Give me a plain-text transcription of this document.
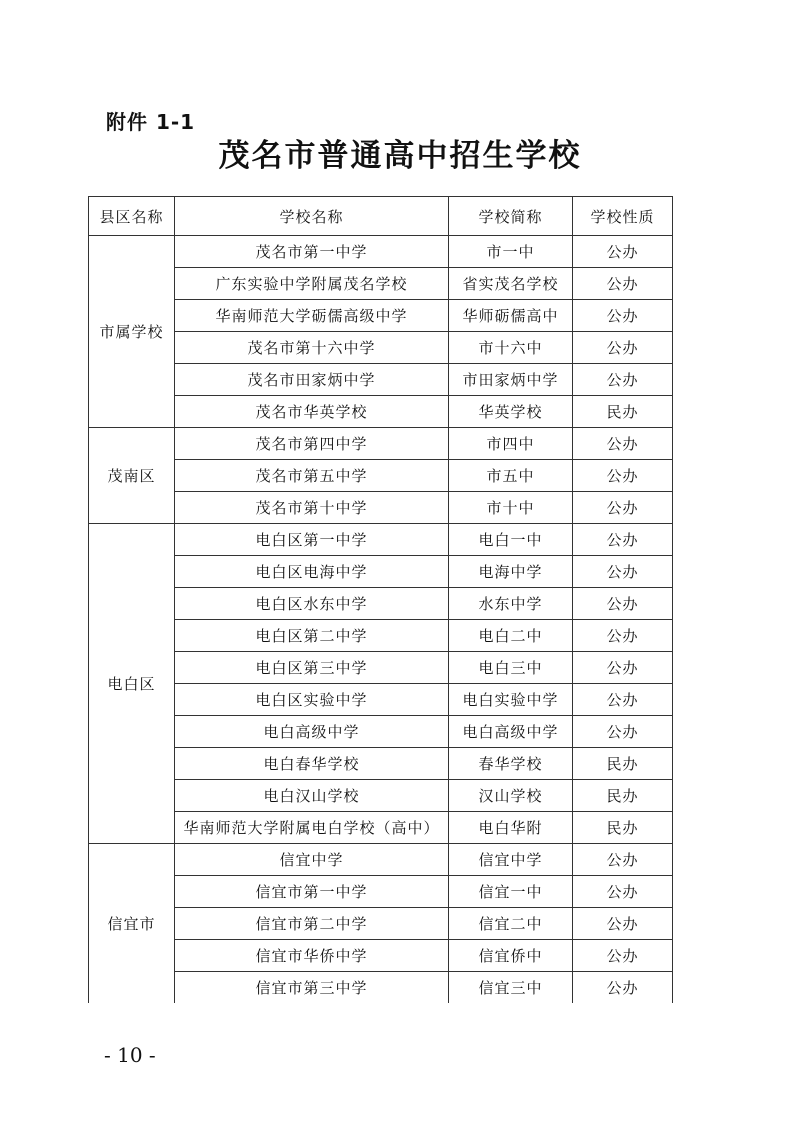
附件 1-1
茂名市普通高中招生学校
县区名称	学校名称	学校简称	学校性质
市属学校	茂名市第一中学	市一中	公办
	广东实验中学附属茂名学校	省实茂名学校	公办
	华南师范大学砺儒高级中学	华师砺儒高中	公办
	茂名市第十六中学	市十六中	公办
	茂名市田家炳中学	市田家炳中学	公办
	茂名市华英学校	华英学校	民办
茂南区	茂名市第四中学	市四中	公办
	茂名市第五中学	市五中	公办
	茂名市第十中学	市十中	公办
电白区	电白区第一中学	电白一中	公办
	电白区电海中学	电海中学	公办
	电白区水东中学	水东中学	公办
	电白区第二中学	电白二中	公办
	电白区第三中学	电白三中	公办
	电白区实验中学	电白实验中学	公办
	电白高级中学	电白高级中学	公办
	电白春华学校	春华学校	民办
	电白汉山学校	汉山学校	民办
	华南师范大学附属电白学校（高中）	电白华附	民办
信宜市	信宜中学	信宜中学	公办
	信宜市第一中学	信宜一中	公办
	信宜市第二中学	信宜二中	公办
	信宜市华侨中学	信宜侨中	公办
	信宜市第三中学	信宜三中	公办
- 10 -
